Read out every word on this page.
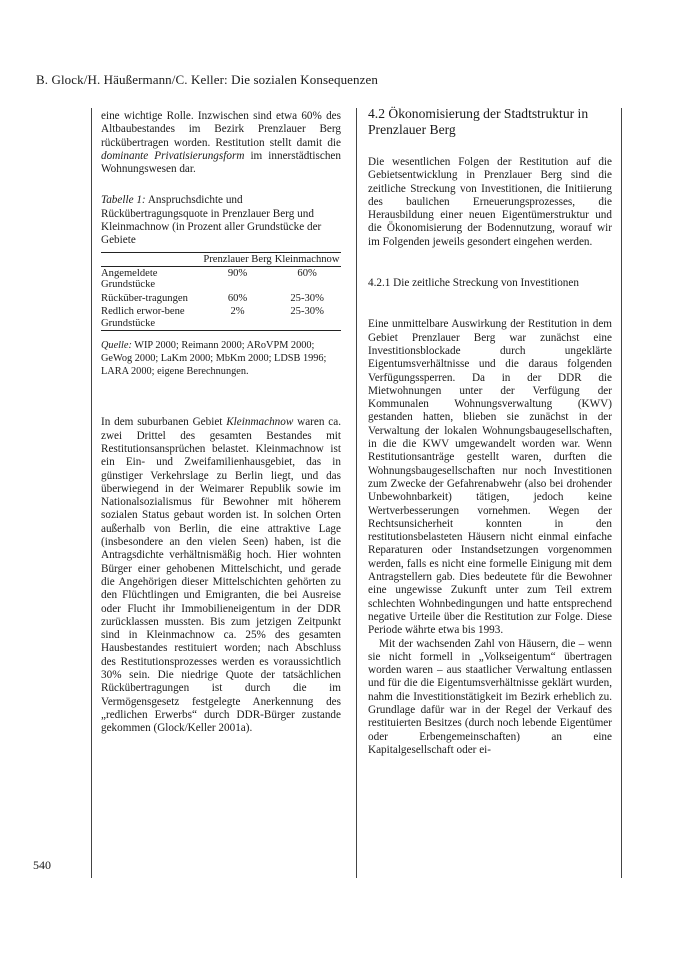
B. Glock/H. Häußermann/C. Keller: Die sozialen Konsequenzen
540

eine wichtige Rolle. Inzwischen sind etwa 60% des Altbaubestandes im Bezirk Prenzlauer Berg rückübertragen worden. Restitution stellt damit die dominante Privatisierungsform im innerstädtischen Wohnungswesen dar.

Tabelle 1: Anspruchsdichte und Rückübertragungsquote in Prenzlauer Berg und Kleinmachnow (in Prozent aller Grundstücke der Gebiete

	Prenzlauer Berg	Kleinmachnow
Angemeldete Grundstücke	90%	60%
Rücküber-tragungen	60%	25-30%
Redlich erwor-bene Grundstücke	2%	25-30%

Quelle: WIP 2000; Reimann 2000; ARoVPM 2000; GeWog 2000; LaKm 2000; MbKm 2000; LDSB 1996; LARA 2000; eigene Berechnungen.

In dem suburbanen Gebiet Kleinmachnow waren ca. zwei Drittel des gesamten Bestandes mit Restitutionsansprüchen belastet. Kleinmachnow ist ein Ein- und Zweifamilienhausgebiet, das in günstiger Verkehrslage zu Berlin liegt, und das überwiegend in der Weimarer Republik sowie im Nationalsozialismus für Bewohner mit höherem sozialen Status gebaut worden ist. In solchen Orten außerhalb von Berlin, die eine attraktive Lage (insbesondere an den vielen Seen) haben, ist die Antragsdichte verhältnismäßig hoch. Hier wohnten Bürger einer gehobenen Mittelschicht, und gerade die Angehörigen dieser Mittelschichten gehörten zu den Flüchtlingen und Emigranten, die bei Ausreise oder Flucht ihr Immobilieneigentum in der DDR zurücklassen mussten. Bis zum jetzigen Zeitpunkt sind in Kleinmachnow ca. 25% des gesamten Hausbestandes restituiert worden; nach Abschluss des Restitutionsprozesses werden es voraussichtlich 30% sein. Die niedrige Quote der tatsächlichen Rückübertragungen ist durch die im Vermögensgesetz festgelegte Anerkennung des „redlichen Erwerbs“ durch DDR-Bürger zustande gekommen (Glock/Keller 2001a).

4.2 Ökonomisierung der Stadtstruktur in Prenzlauer Berg

Die wesentlichen Folgen der Restitution auf die Gebietsentwicklung in Prenzlauer Berg sind die zeitliche Streckung von Investitionen, die Initiierung des baulichen Erneuerungsprozesses, die Herausbildung einer neuen Eigentümerstruktur und die Ökonomisierung der Bodennutzung, worauf wir im Folgenden jeweils gesondert eingehen werden.

4.2.1 Die zeitliche Streckung von Investitionen

Eine unmittelbare Auswirkung der Restitution in dem Gebiet Prenzlauer Berg war zunächst eine Investitionsblockade durch ungeklärte Eigentumsverhältnisse und die daraus folgenden Verfügungssperren. Da in der DDR die Mietwohnungen unter der Verfügung der Kommunalen Wohnungsverwaltung (KWV) gestanden hatten, blieben sie zunächst in der Verwaltung der lokalen Wohnungsbaugesellschaften, in die die KWV umgewandelt worden war. Wenn Restitutionsanträge gestellt waren, durften die Wohnungsbaugesellschaften nur noch Investitionen zum Zwecke der Gefahrenabwehr (also bei drohender Unbewohnbarkeit) tätigen, jedoch keine Wertverbesserungen vornehmen. Wegen der Rechtsunsicherheit konnten in den restitutionsbelasteten Häusern nicht einmal einfache Reparaturen oder Instandsetzungen vorgenommen werden, falls es nicht eine formelle Einigung mit dem Antragstellern gab. Dies bedeutete für die Bewohner eine ungewisse Zukunft unter zum Teil extrem schlechten Wohnbedingungen und hatte entsprechend negative Urteile über die Restitution zur Folge. Diese Periode währte etwa bis 1993.

Mit der wachsenden Zahl von Häusern, die – wenn sie nicht formell in „Volkseigentum“ übertragen worden waren – aus staatlicher Verwaltung entlassen und für die die Eigentumsverhältnisse geklärt wurden, nahm die Investitionstätigkeit im Bezirk erheblich zu. Grundlage dafür war in der Regel der Verkauf des restituierten Besitzes (durch noch lebende Eigentümer oder Erbengemeinschaften) an eine Kapitalgesellschaft oder ei-
